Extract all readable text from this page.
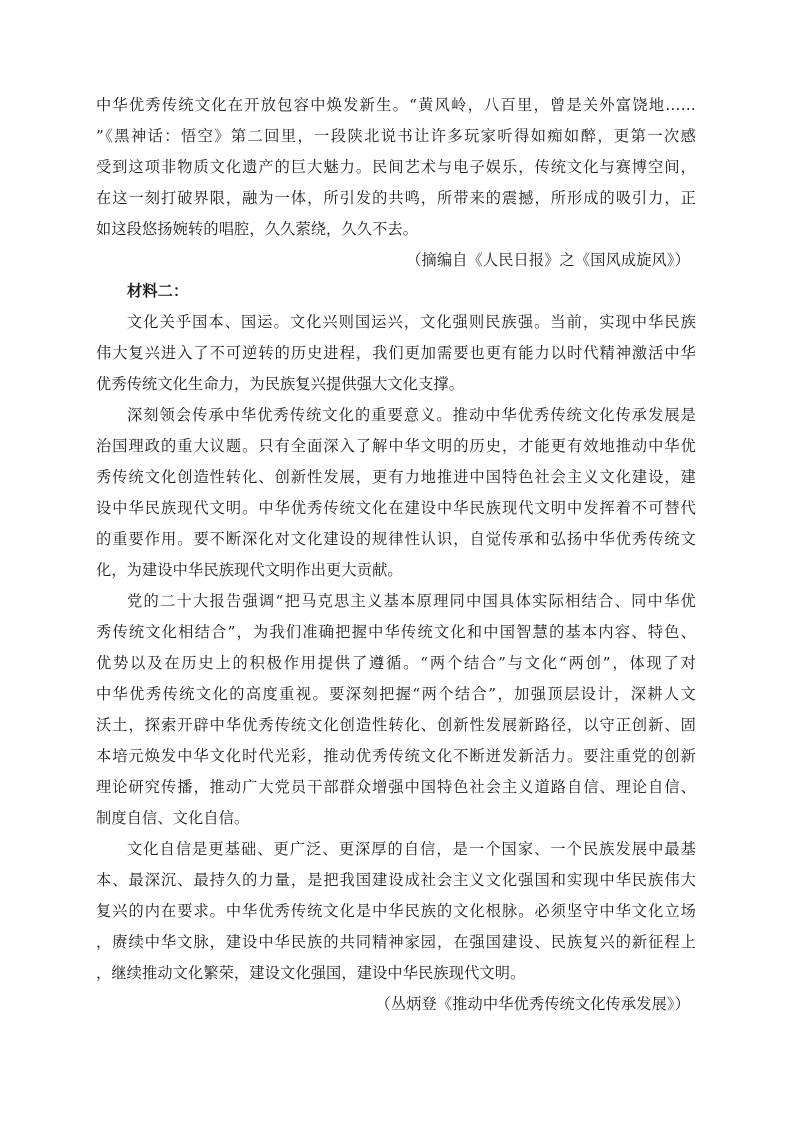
中华优秀传统文化在开放包容中焕发新生。“黄风岭，八百里，曾是关外富饶地……
”《黑神话：悟空》第二回里，一段陕北说书让许多玩家听得如痴如醉，更第一次感
受到这项非物质文化遗产的巨大魅力。民间艺术与电子娱乐，传统文化与赛博空间，
在这一刻打破界限，融为一体，所引发的共鸣，所带来的震撼，所形成的吸引力，正
如这段悠扬婉转的唱腔，久久萦绕，久久不去。
（摘编自《人民日报》之《国风成旋风》）
材料二：
文化关乎国本、国运。文化兴则国运兴，文化强则民族强。当前，实现中华民族
伟大复兴进入了不可逆转的历史进程，我们更加需要也更有能力以时代精神激活中华
优秀传统文化生命力，为民族复兴提供强大文化支撑。
深刻领会传承中华优秀传统文化的重要意义。推动中华优秀传统文化传承发展是
治国理政的重大议题。只有全面深入了解中华文明的历史，才能更有效地推动中华优
秀传统文化创造性转化、创新性发展，更有力地推进中国特色社会主义文化建设，建
设中华民族现代文明。中华优秀传统文化在建设中华民族现代文明中发挥着不可替代
的重要作用。要不断深化对文化建设的规律性认识，自觉传承和弘扬中华优秀传统文
化，为建设中华民族现代文明作出更大贡献。
党的二十大报告强调“把马克思主义基本原理同中国具体实际相结合、同中华优
秀传统文化相结合”，为我们准确把握中华传统文化和中国智慧的基本内容、特色、
优势以及在历史上的积极作用提供了遵循。“两个结合”与文化“两创”，体现了对
中华优秀传统文化的高度重视。要深刻把握“两个结合”，加强顶层设计，深耕人文
沃土，探索开辟中华优秀传统文化创造性转化、创新性发展新路径，以守正创新、固
本培元焕发中华文化时代光彩，推动优秀传统文化不断迸发新活力。要注重党的创新
理论研究传播，推动广大党员干部群众增强中国特色社会主义道路自信、理论自信、
制度自信、文化自信。
文化自信是更基础、更广泛、更深厚的自信，是一个国家、一个民族发展中最基
本、最深沉、最持久的力量，是把我国建设成社会主义文化强国和实现中华民族伟大
复兴的内在要求。中华优秀传统文化是中华民族的文化根脉。必须坚守中华文化立场
，赓续中华文脉，建设中华民族的共同精神家园，在强国建设、民族复兴的新征程上
，继续推动文化繁荣，建设文化强国，建设中华民族现代文明。
（丛炳登《推动中华优秀传统文化传承发展》）
